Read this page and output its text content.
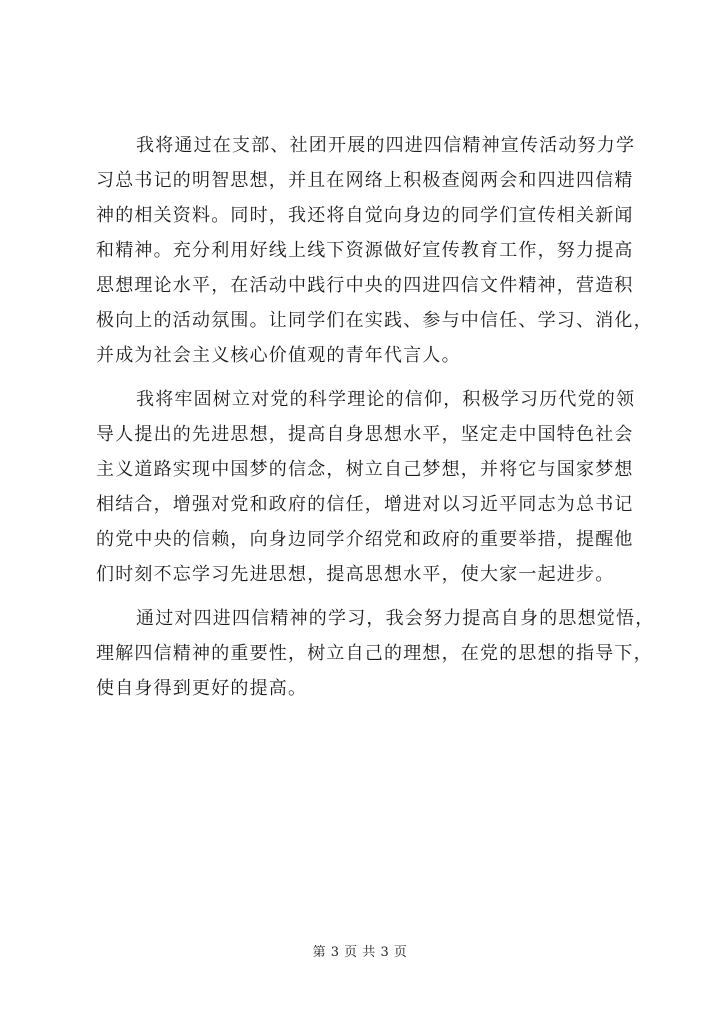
我将通过在支部、社团开展的四进四信精神宣传活动努力学
习总书记的明智思想，并且在网络上积极查阅两会和四进四信精
神的相关资料。同时，我还将自觉向身边的同学们宣传相关新闻
和精神。充分利用好线上线下资源做好宣传教育工作，努力提高
思想理论水平，在活动中践行中央的四进四信文件精神，营造积
极向上的活动氛围。让同学们在实践、参与中信任、学习、消化，
并成为社会主义核心价值观的青年代言人。
我将牢固树立对党的科学理论的信仰，积极学习历代党的领
导人提出的先进思想，提高自身思想水平，坚定走中国特色社会
主义道路实现中国梦的信念，树立自己梦想，并将它与国家梦想
相结合，增强对党和政府的信任，增进对以习近平同志为总书记
的党中央的信赖，向身边同学介绍党和政府的重要举措，提醒他
们时刻不忘学习先进思想，提高思想水平，使大家一起进步。
通过对四进四信精神的学习，我会努力提高自身的思想觉悟，
理解四信精神的重要性，树立自己的理想，在党的思想的指导下，
使自身得到更好的提高。
第 3 页 共 3 页
